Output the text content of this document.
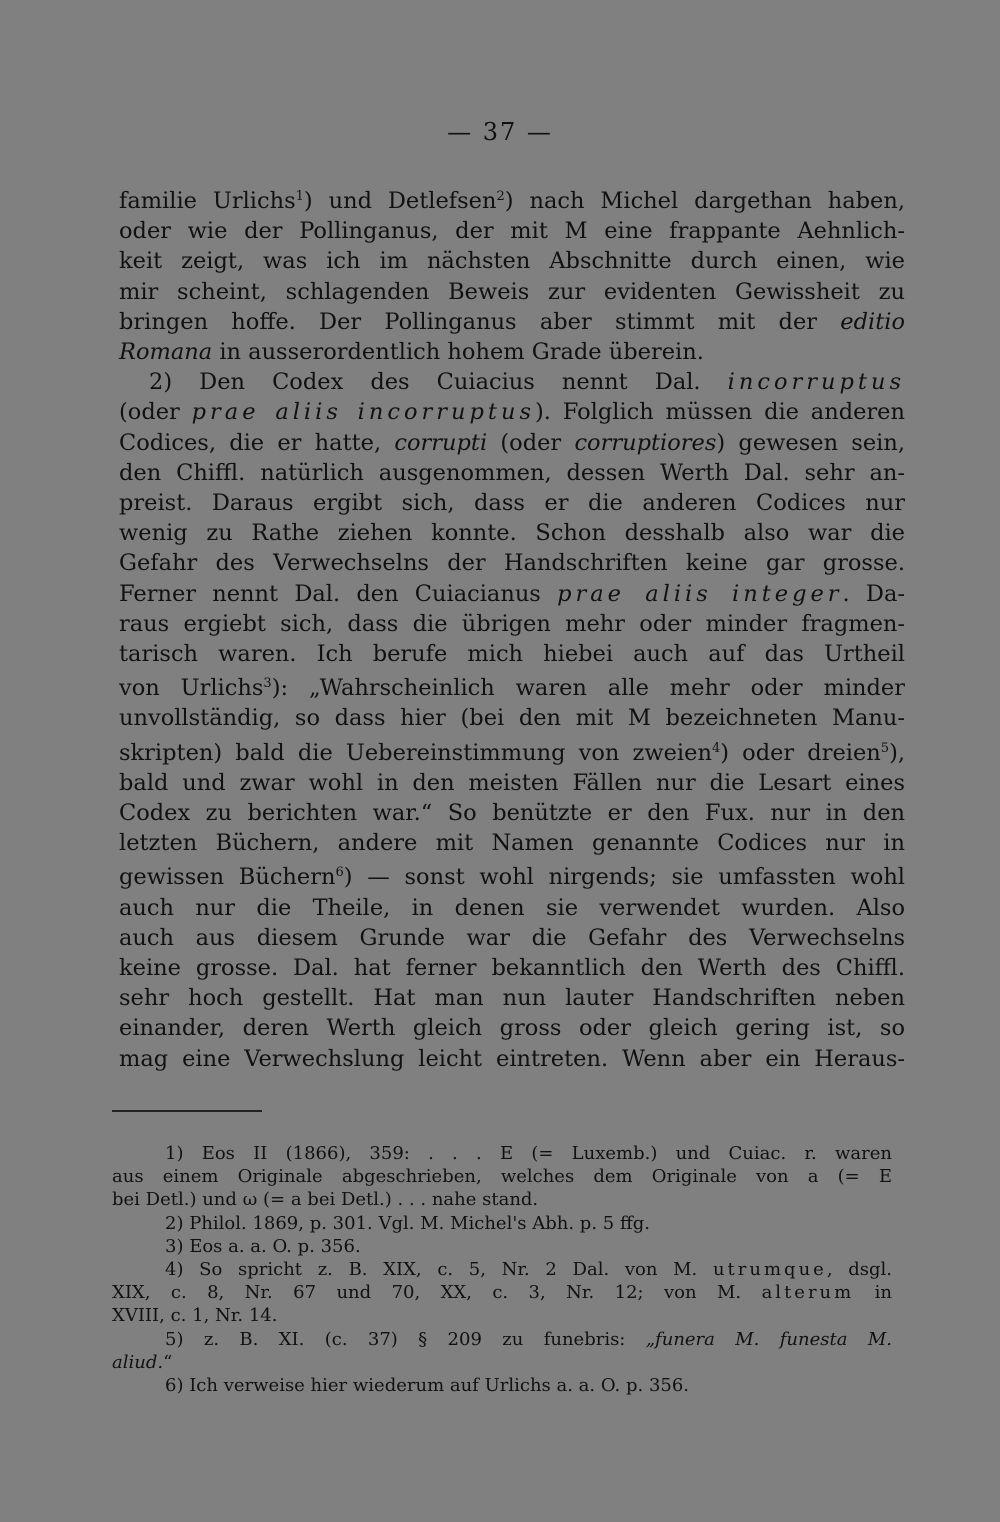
— 37 —
familie Urlichs$^1$) und Detlefsen$^2$) nach Michel dargethan haben,
oder wie der Pollinganus, der mit M eine frappante Aehnlich-
keit zeigt, was ich im nächsten Abschnitte durch einen, wie
mir scheint, schlagenden Beweis zur evidenten Gewissheit zu
bringen hoffe. Der Pollinganus aber stimmt mit der editio
Romana in ausserordentlich hohem Grade überein.
2) Den Codex des Cuiacius nennt Dal. incorruptus
(oder prae aliis incorruptus). Folglich müssen die anderen
Codices, die er hatte, corrupti (oder corruptiores) gewesen sein,
den Chiffl. natürlich ausgenommen, dessen Werth Dal. sehr an-
preist. Daraus ergibt sich, dass er die anderen Codices nur
wenig zu Rathe ziehen konnte. Schon desshalb also war die
Gefahr des Verwechselns der Handschriften keine gar grosse.
Ferner nennt Dal. den Cuiacianus prae aliis integer. Da-
raus ergiebt sich, dass die übrigen mehr oder minder fragmen-
tarisch waren. Ich berufe mich hiebei auch auf das Urtheil
von Urlichs$^3$): „Wahrscheinlich waren alle mehr oder minder
unvollständig, so dass hier (bei den mit M bezeichneten Manu-
skripten) bald die Uebereinstimmung von zweien$^4$) oder dreien$^5$),
bald und zwar wohl in den meisten Fällen nur die Lesart eines
Codex zu berichten war.“ So benützte er den Fux. nur in den
letzten Büchern, andere mit Namen genannte Codices nur in
gewissen Büchern$^6$) — sonst wohl nirgends; sie umfassten wohl
auch nur die Theile, in denen sie verwendet wurden. Also
auch aus diesem Grunde war die Gefahr des Verwechselns
keine grosse. Dal. hat ferner bekanntlich den Werth des Chiffl.
sehr hoch gestellt. Hat man nun lauter Handschriften neben
einander, deren Werth gleich gross oder gleich gering ist, so
mag eine Verwechslung leicht eintreten. Wenn aber ein Heraus-
1) Eos II (1866), 359: . . . E (= Luxemb.) und Cuiac. r. waren
aus einem Originale abgeschrieben, welches dem Originale von a (= E
bei Detl.) und ω (= a bei Detl.) . . . nahe stand.
2) Philol. 1869, p. 301. Vgl. M. Michel's Abh. p. 5 ffg.
3) Eos a. a. O. p. 356.
4) So spricht z. B. XIX, c. 5, Nr. 2 Dal. von M. utrumque, dsgl.
XIX, c. 8, Nr. 67 und 70, XX, c. 3, Nr. 12; von M. alterum in
XVIII, c. 1, Nr. 14.
5) z. B. XI. (c. 37) § 209 zu funebris: „funera M. funesta M.
aliud.“
6) Ich verweise hier wiederum auf Urlichs a. a. O. p. 356.
